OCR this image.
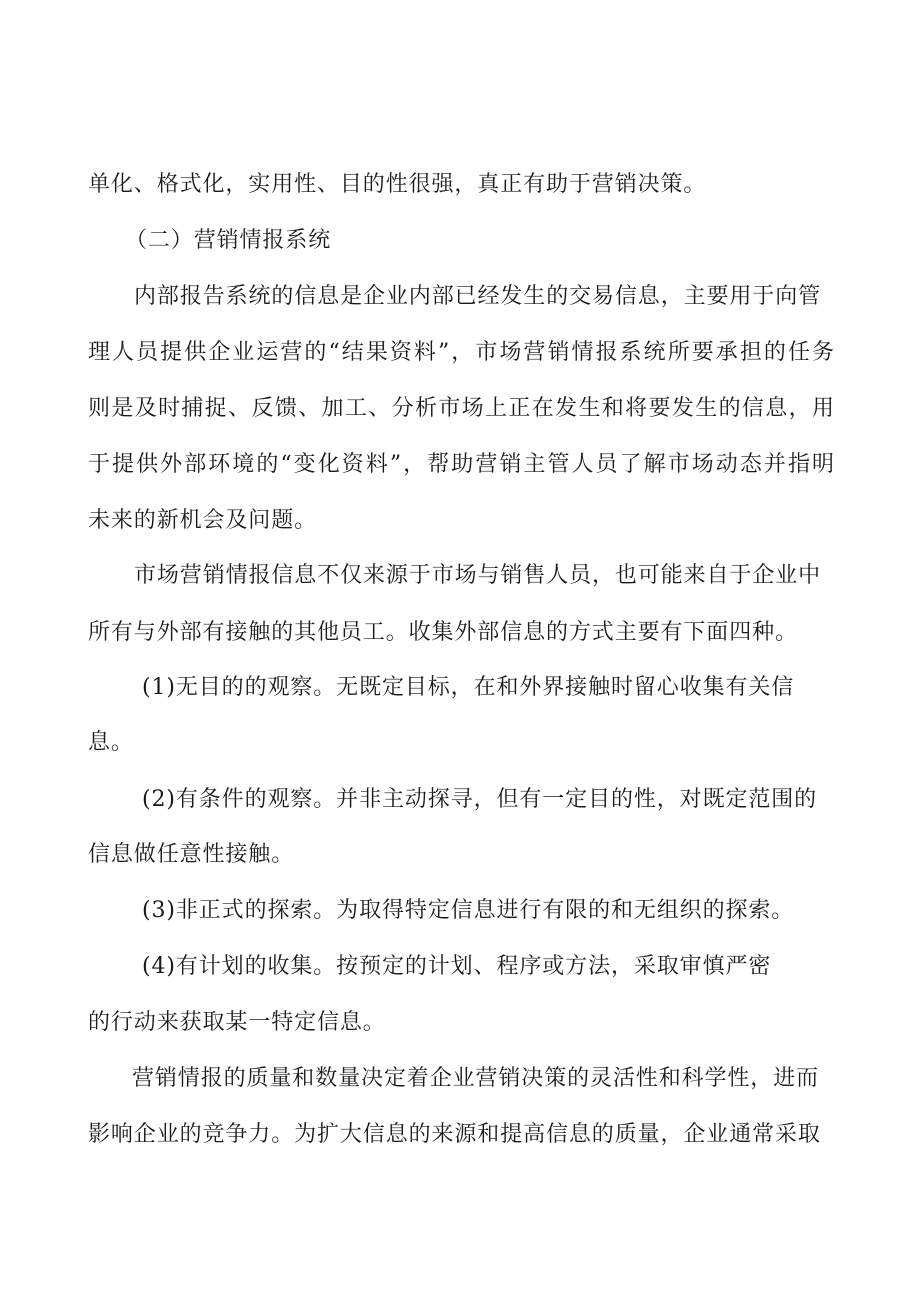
单化、格式化，实用性、目的性很强，真正有助于营销决策。
（二）营销情报系统
内部报告系统的信息是企业内部已经发生的交易信息，主要用于向管
理人员提供企业运营的“结果资料”，市场营销情报系统所要承担的任务
则是及时捕捉、反馈、加工、分析市场上正在发生和将要发生的信息，用
于提供外部环境的“变化资料”，帮助营销主管人员了解市场动态并指明
未来的新机会及问题。
市场营销情报信息不仅来源于市场与销售人员，也可能来自于企业中
所有与外部有接触的其他员工。收集外部信息的方式主要有下面四种。
(1)无目的的观察。无既定目标，在和外界接触时留心收集有关信
息。
(2)有条件的观察。并非主动探寻，但有一定目的性，对既定范围的
信息做任意性接触。
(3)非正式的探索。为取得特定信息进行有限的和无组织的探索。
(4)有计划的收集。按预定的计划、程序或方法，采取审慎严密
的行动来获取某一特定信息。
营销情报的质量和数量决定着企业营销决策的灵活性和科学性，进而
影响企业的竞争力。为扩大信息的来源和提高信息的质量，企业通常采取
